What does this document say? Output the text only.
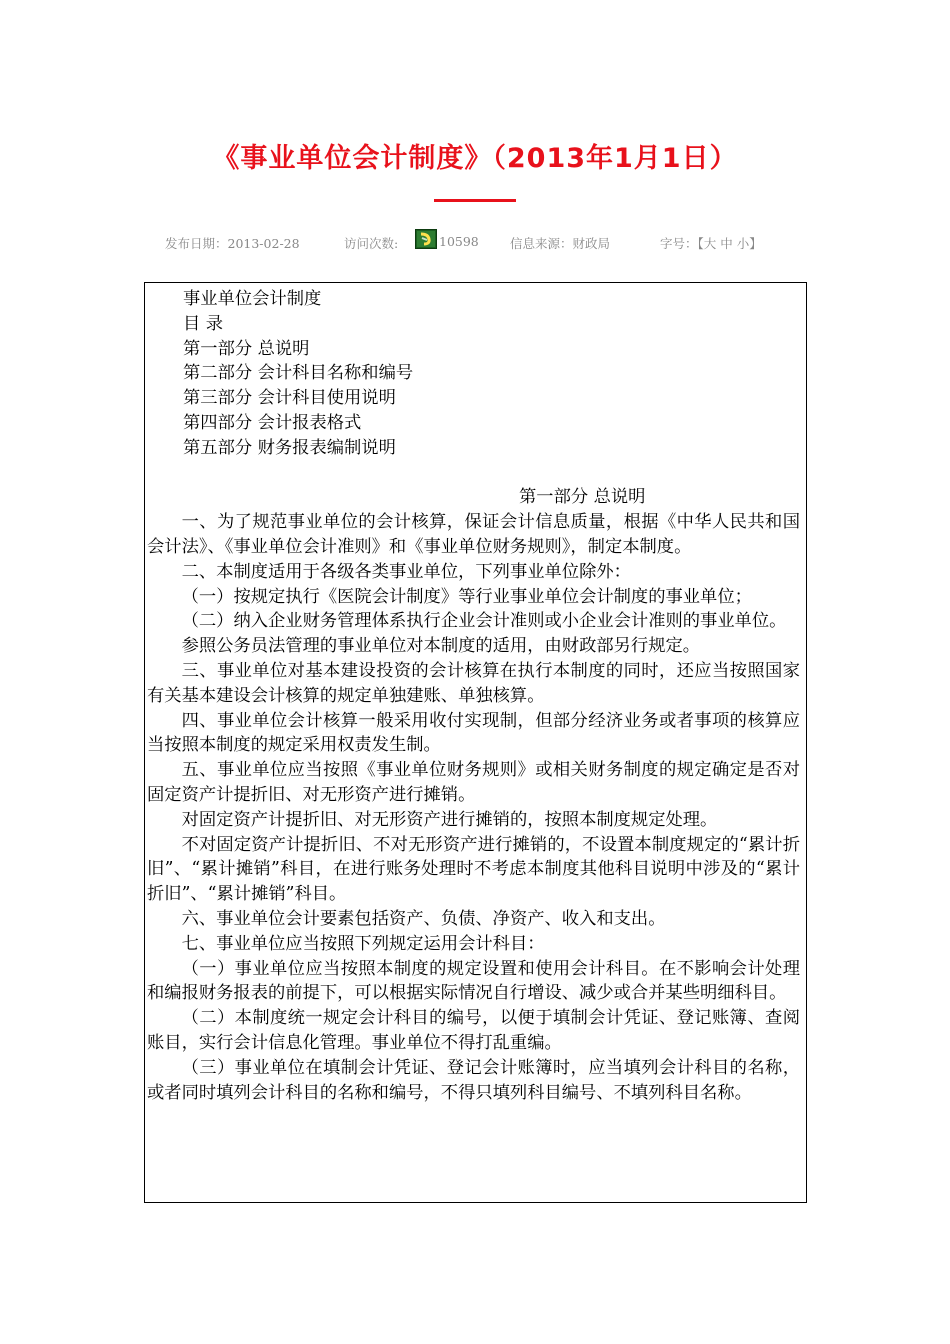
《事业单位会计制度》（2013年1月1日）
发布日期：2013-02-28	访问次数:	10598 信息来源：财政局	字号：【大 中 小】

事业单位会计制度

目 录

第一部分 总说明

第二部分 会计科目名称和编号

第三部分 会计科目使用说明

第四部分 会计报表格式

第五部分 财务报表编制说明

第一部分 总说明

一、为了规范事业单位的会计核算，保证会计信息质量，根据《中华人民共和国会计法》、《事业单位会计准则》和《事业单位财务规则》，制定本制度。

二、本制度适用于各级各类事业单位，下列事业单位除外：

（一）按规定执行《医院会计制度》等行业事业单位会计制度的事业单位；

（二）纳入企业财务管理体系执行企业会计准则或小企业会计准则的事业单位。

参照公务员法管理的事业单位对本制度的适用，由财政部另行规定。

三、事业单位对基本建设投资的会计核算在执行本制度的同时，还应当按照国家有关基本建设会计核算的规定单独建账、单独核算。

四、事业单位会计核算一般采用收付实现制，但部分经济业务或者事项的核算应当按照本制度的规定采用权责发生制。

五、事业单位应当按照《事业单位财务规则》或相关财务制度的规定确定是否对固定资产计提折旧、对无形资产进行摊销。

对固定资产计提折旧、对无形资产进行摊销的，按照本制度规定处理。

不对固定资产计提折旧、不对无形资产进行摊销的，不设置本制度规定的“累计折旧”、“累计摊销”科目，在进行账务处理时不考虑本制度其他科目说明中涉及的“累计折旧”、“累计摊销”科目。

六、事业单位会计要素包括资产、负债、净资产、收入和支出。

七、事业单位应当按照下列规定运用会计科目：

（一）事业单位应当按照本制度的规定设置和使用会计科目。在不影响会计处理和编报财务报表的前提下，可以根据实际情况自行增设、减少或合并某些明细科目。

（二）本制度统一规定会计科目的编号，以便于填制会计凭证、登记账簿、查阅账目，实行会计信息化管理。事业单位不得打乱重编。

（三）事业单位在填制会计凭证、登记会计账簿时，应当填列会计科目的名称，或者同时填列会计科目的名称和编号，不得只填列科目编号、不填列科目名称。
